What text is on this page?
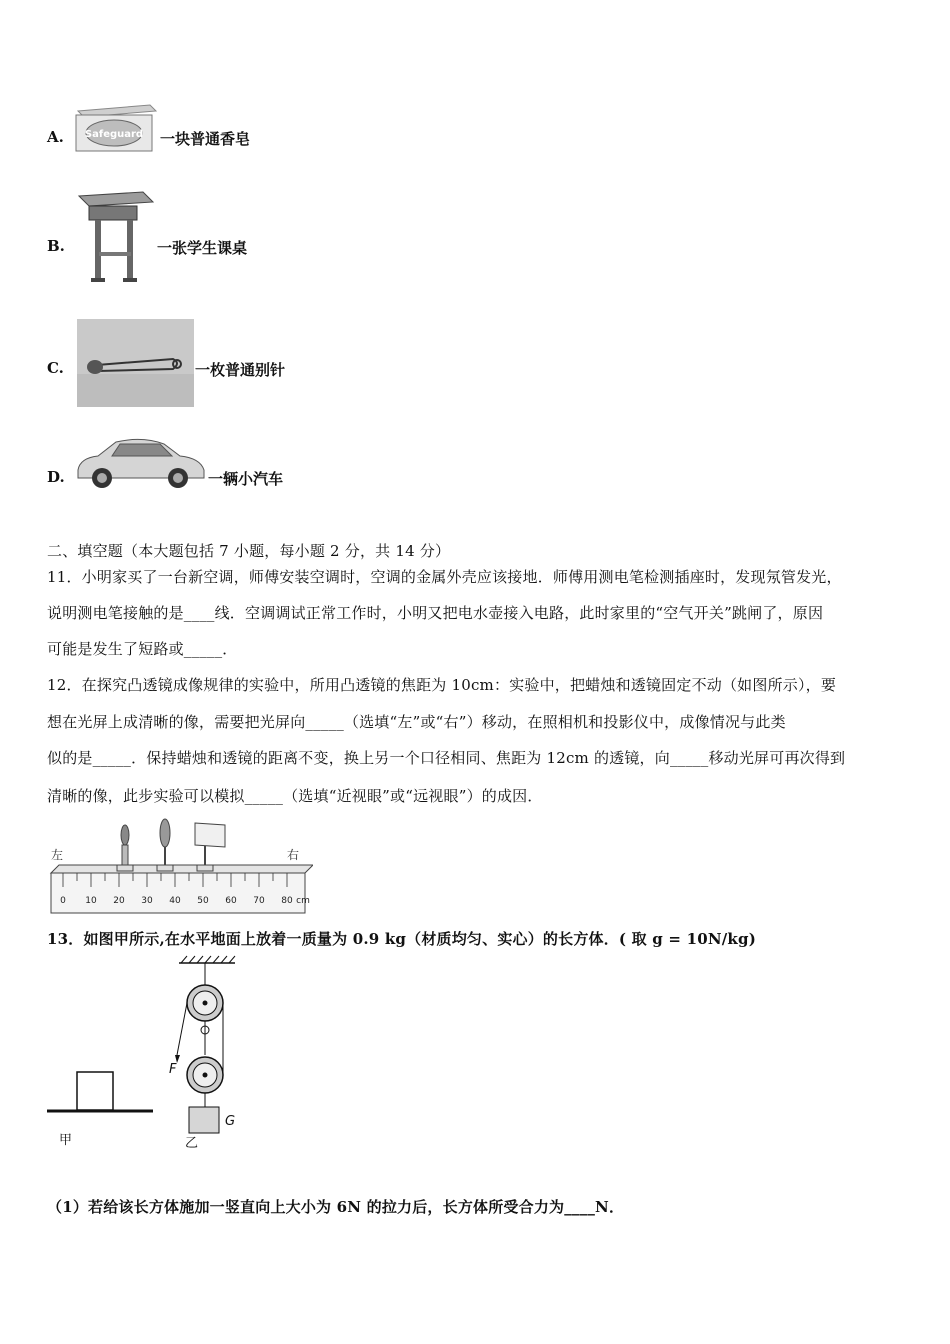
A. Safeguard 一块普通香皂
B.	一张学生课桌
C.	一枚普通别针
D.	一辆小汽车
二、填空题（本大题包括 7 小题，每小题 2 分，共 14 分）
11．小明家买了一台新空调，师傅安装空调时，空调的金属外壳应该接地．师傅用测电笔检测插座时，发现氖管发光，
说明测电笔接触的是____线．空调调试正常工作时，小明又把电水壶接入电路，此时家里的“空气开关”跳闸了，原因
可能是发生了短路或_____．
12．在探究凸透镜成像规律的实验中，所用凸透镜的焦距为 10cm：实验中，把蜡烛和透镜固定不动（如图所示），要
想在光屏上成清晰的像，需要把光屏向_____（选填“左”或“右”）移动，在照相机和投影仪中，成像情况与此类
似的是_____．保持蜡烛和透镜的距离不变，换上另一个口径相同、焦距为 12cm 的透镜，向_____移动光屏可再次得到
清晰的像，此步实验可以模拟_____（选填“近视眼”或“远视眼”）的成因．
左	右
0 10 20 30 40 50 60 70 80 cm
13．如图甲所示,在水平地面上放着一质量为 0.9 kg（材质均匀、实心）的长方体．( 取 g = 10N/kg)
甲
F
G
乙
（1）若给该长方体施加一竖直向上大小为 6N 的拉力后，长方体所受合力为____N．
